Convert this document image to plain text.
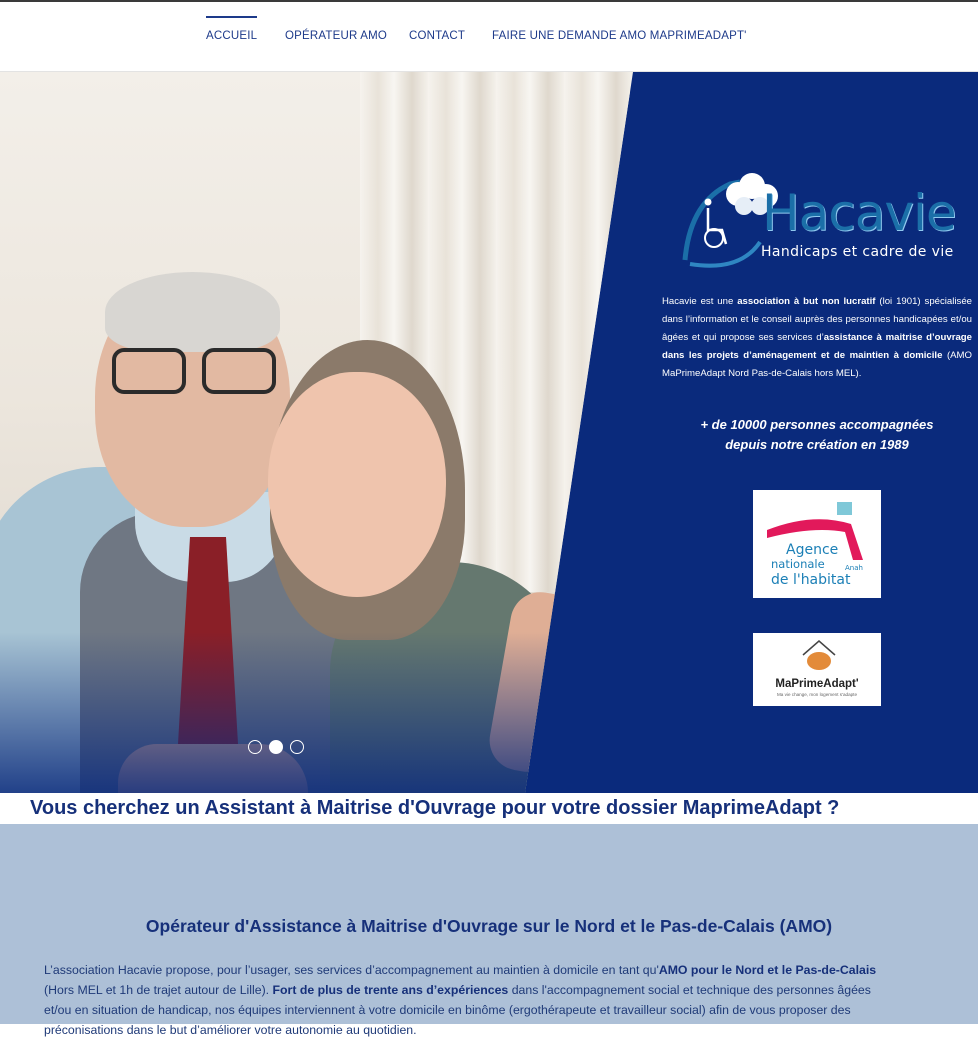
ACCUEIL OPÉRATEUR AMO CONTACT FAIRE UNE DEMANDE AMO MAPRIMEADAPT'
Hacavie
Handicaps et cadre de vie

Hacavie est une association à but non lucratif (loi 1901) spécialisée dans l’information et le conseil auprès des personnes handicapées et/ou âgées et qui propose ses services d’assistance à maitrise d’ouvrage dans les projets d’aménagement et de maintien à domicile (AMO MaPrimeAdapt Nord Pas-de-Calais hors MEL).

+ de 10000 personnes accompagnées
depuis notre création en 1989
Agence
nationale	Anah
de l'habitat
MaPrimeAdapt'
Ma vie change, mon logement s'adapte
Vous cherchez un Assistant à Maitrise d'Ouvrage pour votre dossier MaprimeAdapt ?
Opérateur d'Assistance à Maitrise d'Ouvrage sur le Nord et le Pas-de-Calais (AMO)

L’association Hacavie propose, pour l’usager, ses services d’accompagnement au maintien à domicile en tant qu'AMO pour le Nord et le Pas-de-Calais (Hors MEL et 1h de trajet autour de Lille). Fort de plus de trente ans d’expériences dans l'accompagnement social et technique des personnes âgées et/ou en situation de handicap, nos équipes interviennent à votre domicile en binôme (ergothérapeute et travailleur social) afin de vous proposer des préconisations dans le but d’améliorer votre autonomie au quotidien.
